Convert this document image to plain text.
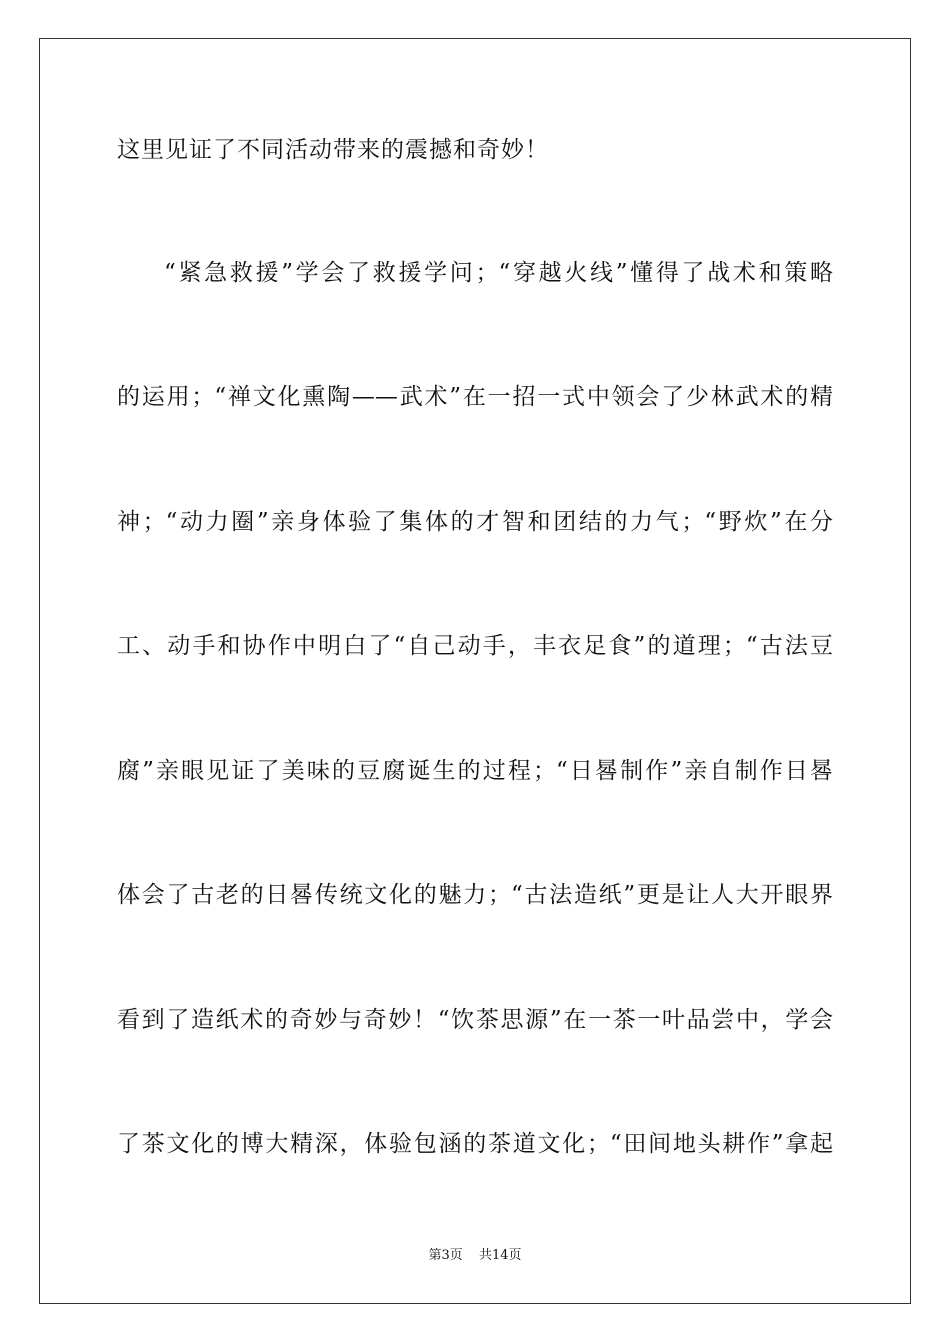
这里见证了不同活动带来的震撼和奇妙！
“紧急救援”学会了救援学问；“穿越火线”懂得了战术和策略
的运用；“禅文化熏陶——武术”在一招一式中领会了少林武术的精
神；“动力圈”亲身体验了集体的才智和团结的力气；“野炊”在分
工、动手和协作中明白了“自己动手，丰衣足食”的道理；“古法豆
腐”亲眼见证了美味的豆腐诞生的过程；“日晷制作”亲自制作日晷
体会了古老的日晷传统文化的魅力；“古法造纸”更是让人大开眼界
看到了造纸术的奇妙与奇妙！“饮茶思源”在一茶一叶品尝中，学会
了茶文化的博大精深，体验包涵的茶道文化；“田间地头耕作”拿起
第3页 共14页
